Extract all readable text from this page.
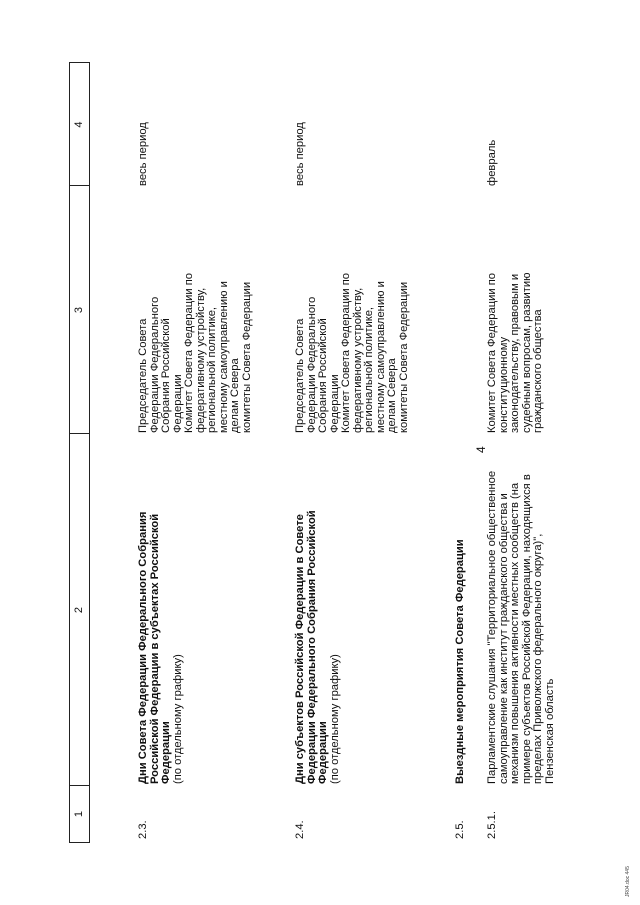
4
1
2
3
4
2.3.
Дни Совета Федерации Федерального Собрания
Российской Федерации в субъектах Российской
Федерации (по отдельному графику)
Председатель Совета
Федерации Федерального
Собрания Российской
Федерации
Комитет Совета Федерации по
федеративному устройству,
региональной политике,
местному самоуправлению и
делам Севера
комитеты Совета Федерации
весь период
2.4.
Дни субъектов Российской Федерации в Совете
Федерации Федерального Собрания Российской
Федерации (по отдельному графику)
Председатель Совета
Федерации Федерального
Собрания Российской
Федерации
Комитет Совета Федерации по
федеративному устройству,
региональной политике,
местному самоуправлению и
делам Севера
комитеты Совета Федерации
весь период
2.5.
Выездные мероприятия Совета Федерации
2.5.1.
Парламентские слушания "Территориальное общественное
самоуправление как институт гражданского общества и
механизм повышения активности местных сообществ (на
примере субъектов Российской Федерации, находящихся в
пределах Приволжского федерального округа)",
Пензенская область
Комитет Совета Федерации по
конституционному
законодательству, правовым и
судебным вопросам, развитию
гражданского общества
февраль
JR04.doc 445
